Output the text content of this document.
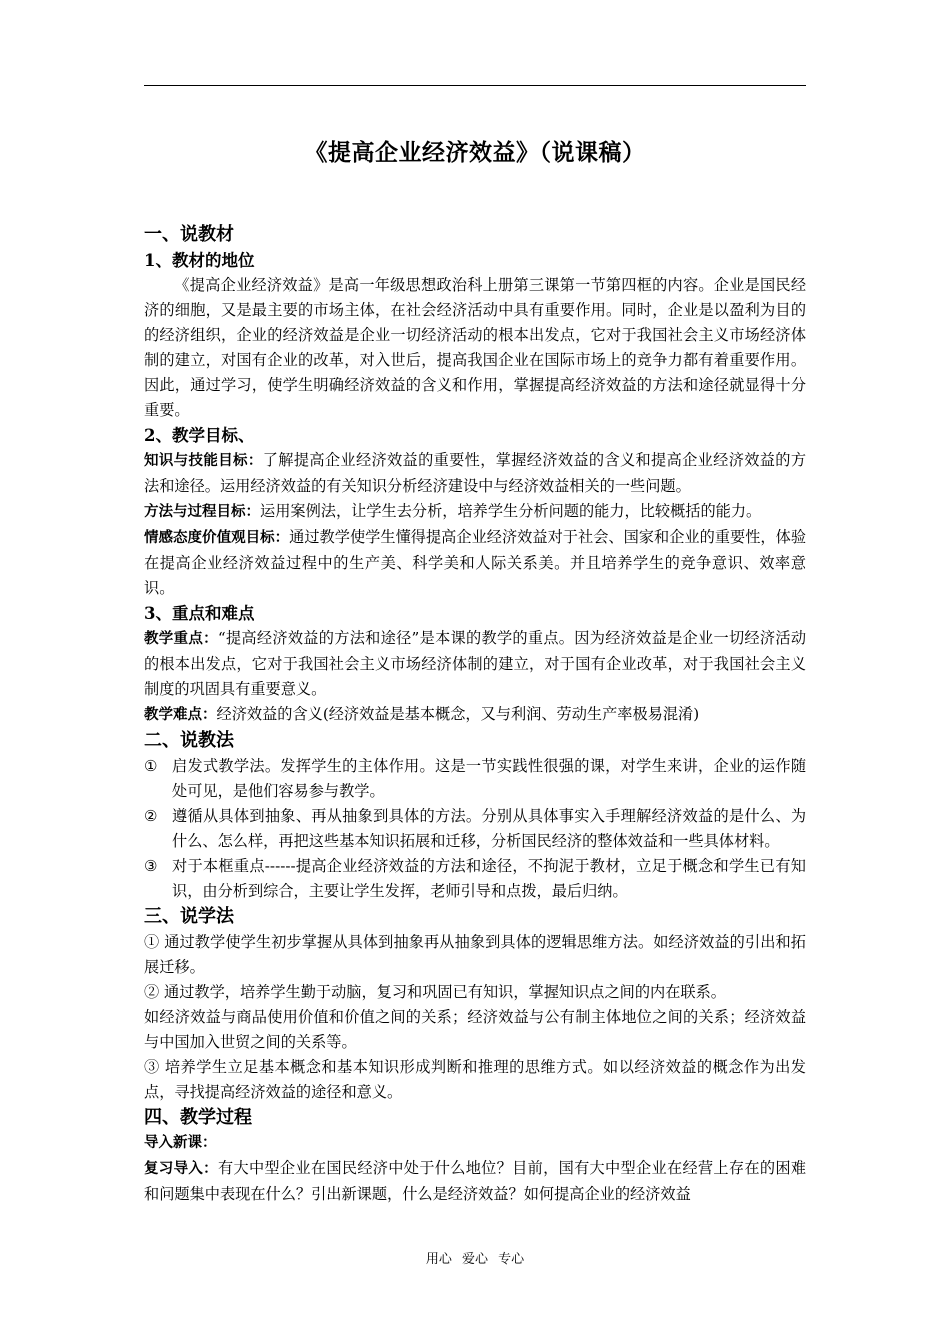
《提高企业经济效益》（说课稿）

一、说教材

1、教材的地位

《提高企业经济效益》是高一年级思想政治科上册第三课第一节第四框的内容。企业是国民经济的细胞，又是最主要的市场主体，在社会经济活动中具有重要作用。同时，企业是以盈利为目的的经济组织，企业的经济效益是企业一切经济活动的根本出发点，它对于我国社会主义市场经济体制的建立，对国有企业的改革，对入世后，提高我国企业在国际市场上的竞争力都有着重要作用。因此，通过学习，使学生明确经济效益的含义和作用，掌握提高经济效益的方法和途径就显得十分重要。

2、教学目标、

知识与技能目标：了解提高企业经济效益的重要性，掌握经济效益的含义和提高企业经济效益的方法和途径。运用经济效益的有关知识分析经济建设中与经济效益相关的一些问题。

方法与过程目标：运用案例法，让学生去分析，培养学生分析问题的能力，比较概括的能力。

情感态度价值观目标：通过教学使学生懂得提高企业经济效益对于社会、国家和企业的重要性，体验在提高企业经济效益过程中的生产美、科学美和人际关系美。并且培养学生的竞争意识、效率意识。

3、重点和难点

教学重点：“提高经济效益的方法和途径”是本课的教学的重点。因为经济效益是企业一切经济活动的根本出发点，它对于我国社会主义市场经济体制的建立，对于国有企业改革，对于我国社会主义制度的巩固具有重要意义。

教学难点：经济效益的含义(经济效益是基本概念，又与利润、劳动生产率极易混淆)

二、说教法

① 启发式教学法。发挥学生的主体作用。这是一节实践性很强的课，对学生来讲，企业的运作随处可见，是他们容易参与教学。
② 遵循从具体到抽象、再从抽象到具体的方法。分别从具体事实入手理解经济效益的是什么、为什么、怎么样，再把这些基本知识拓展和迁移，分析国民经济的整体效益和一些具体材料。
③ 对于本框重点------提高企业经济效益的方法和途径，不拘泥于教材，立足于概念和学生已有知识，由分析到综合，主要让学生发挥，老师引导和点拨，最后归纳。

三、说学法

① 通过教学使学生初步掌握从具体到抽象再从抽象到具体的逻辑思维方法。如经济效益的引出和拓展迁移。

② 通过教学，培养学生勤于动脑，复习和巩固已有知识，掌握知识点之间的内在联系。

如经济效益与商品使用价值和价值之间的关系；经济效益与公有制主体地位之间的关系；经济效益与中国加入世贸之间的关系等。

③ 培养学生立足基本概念和基本知识形成判断和推理的思维方式。如以经济效益的概念作为出发点，寻找提高经济效益的途径和意义。

四、教学过程

导入新课：

复习导入：有大中型企业在国民经济中处于什么地位？目前，国有大中型企业在经营上存在的困难和问题集中表现在什么？引出新课题，什么是经济效益？如何提高企业的经济效益

用心 爱心 专心
